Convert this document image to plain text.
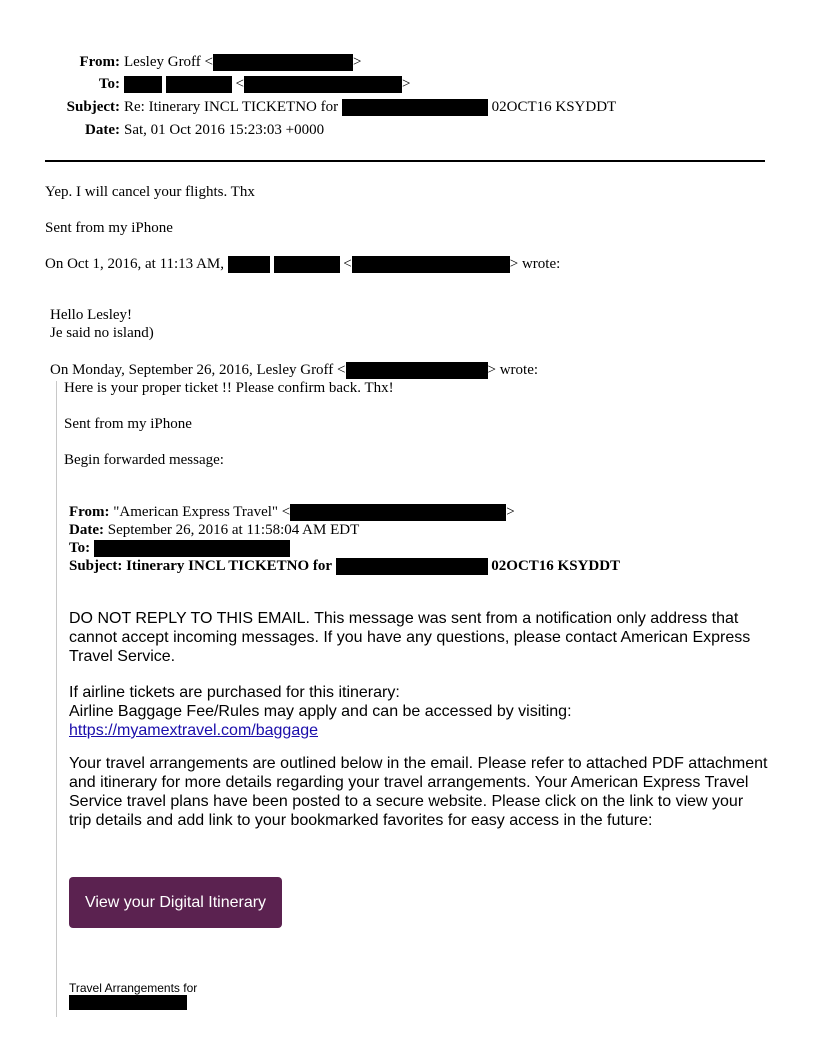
From: Lesley Groff <	>
To:	<	>
Subject: Re: Itinerary INCL TICKETNO for	02OCT16 KSYDDT
Date: Sat, 01 Oct 2016 15:23:03 +0000
Yep. I will cancel your flights. Thx
Sent from my iPhone
On Oct 1, 2016, at 11:13 AM,	<	> wrote:
Hello Lesley!
Je said no island)
On Monday, September 26, 2016, Lesley Groff <	> wrote:
Here is your proper ticket !! Please confirm back. Thx!
Sent from my iPhone
Begin forwarded message:
From: "American Express Travel" <	>
Date: September 26, 2016 at 11:58:04 AM EDT
To:
Subject: Itinerary INCL TICKETNO for	02OCT16 KSYDDT
DO NOT REPLY TO THIS EMAIL. This message was sent from a notification only address that cannot accept incoming messages. If you have any questions, please contact American Express Travel Service.
If airline tickets are purchased for this itinerary:
Airline Baggage Fee/Rules may apply and can be accessed by visiting:
https://myamextravel.com/baggage
Your travel arrangements are outlined below in the email. Please refer to attached PDF attachment and itinerary for more details regarding your travel arrangements. Your American Express Travel Service travel plans have been posted to a secure website. Please click on the link to view your trip details and add link to your bookmarked favorites for easy access in the future:
View your Digital Itinerary
Travel Arrangements for
